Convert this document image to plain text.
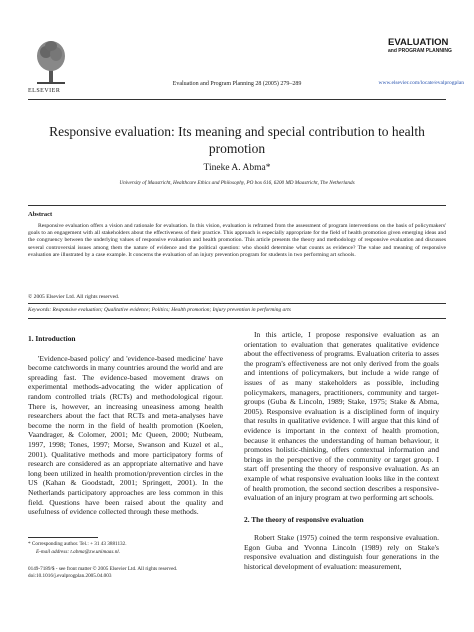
ELSEVIER
Evaluation and Program Planning 28 (2005) 279–289
EVALUATION
and PROGRAM PLANNING
www.elsevier.com/locate/evalprogplan
Responsive evaluation: Its meaning and special contribution to health promotion
Tineke A. Abma*
University of Maastricht, Healthcare Ethics and Philosophy, PO box 616, 6200 MD Maastricht, The Netherlands
Abstract
Responsive evaluation offers a vision and rationale for evaluation. In this vision, evaluation is reframed from the assessment of program interventions on the basis of policymakers' goals to an engagement with all stakeholders about the effectiveness of their practice. This approach is especially appropriate for the field of health promotion given emerging ideas and the congruency between the underlying values of responsive evaluation and health promotion. This article presents the theory and methodology of responsive evaluation and discusses several controversial issues among them the nature of evidence and the political question: who should determine what counts as evidence? The value and meaning of responsive evaluation are illustrated by a case example. It concerns the evaluation of an injury prevention program for students in two performing art schools.
© 2005 Elsevier Ltd. All rights reserved.
Keywords: Responsive evaluation; Qualitative evidence; Politics; Health promotion; Injury prevention in performing arts
1. Introduction
'Evidence-based policy' and 'evidence-based medicine' have become catchwords in many countries around the world and are spreading fast. The evidence-based movement draws on experimental methods-advocating the wider application of random controlled trials (RCTs) and methodological rigour. There is, however, an increasing uneasiness among health researchers about the fact that RCTs and meta-analyses have become the norm in the field of health promotion (Koelen, Vaandrager, & Colomer, 2001; Mc Queen, 2000; Nutbeam, 1997, 1998; Tones, 1997; Morse, Swanson and Kuzel et al., 2001). Qualitative methods and more participatory forms of research are considered as an appropriate alternative and have long been utilized in health promotion/prevention circles in the US (Kahan & Goodstadt, 2001; Springett, 2001). In the Netherlands participatory approaches are less common in this field. Questions have been raised about the quality and usefulness of evidence collected through these methods.
In this article, I propose responsive evaluation as an orientation to evaluation that generates qualitative evidence about the effectiveness of programs. Evaluation criteria to asses the program's effectiveness are not only derived from the goals and intentions of policymakers, but include a wide range of issues of as many stakeholders as possible, including policymakers, managers, practitioners, community and target-groups (Guba & Lincoln, 1989; Stake, 1975; Stake & Abma, 2005). Responsive evaluation is a disciplined form of inquiry that results in qualitative evidence. I will argue that this kind of evidence is important in the context of health promotion, because it enhances the understanding of human behaviour, it promotes holistic-thinking, offers contextual information and brings in the perspective of the community or target group. I start off presenting the theory of responsive evaluation. As an example of what responsive evaluation looks like in the context of health promotion, the second section describes a responsive-evaluation of an injury program at two performing art schools.
2. The theory of responsive evaluation
Robert Stake (1975) coined the term responsive evaluation. Egon Guba and Yvonna Lincoln (1989) rely on Stake's responsive evaluation and distinguish four generations in the historical development of evaluation: measurement,
* Corresponding author. Tel.: + 31 43 3881132.
E-mail address: t.abma@zw.unimaas.nl.
0149-7189/$ - see front matter © 2005 Elsevier Ltd. All rights reserved.
doi:10.1016/j.evalprogplan.2005.04.003
